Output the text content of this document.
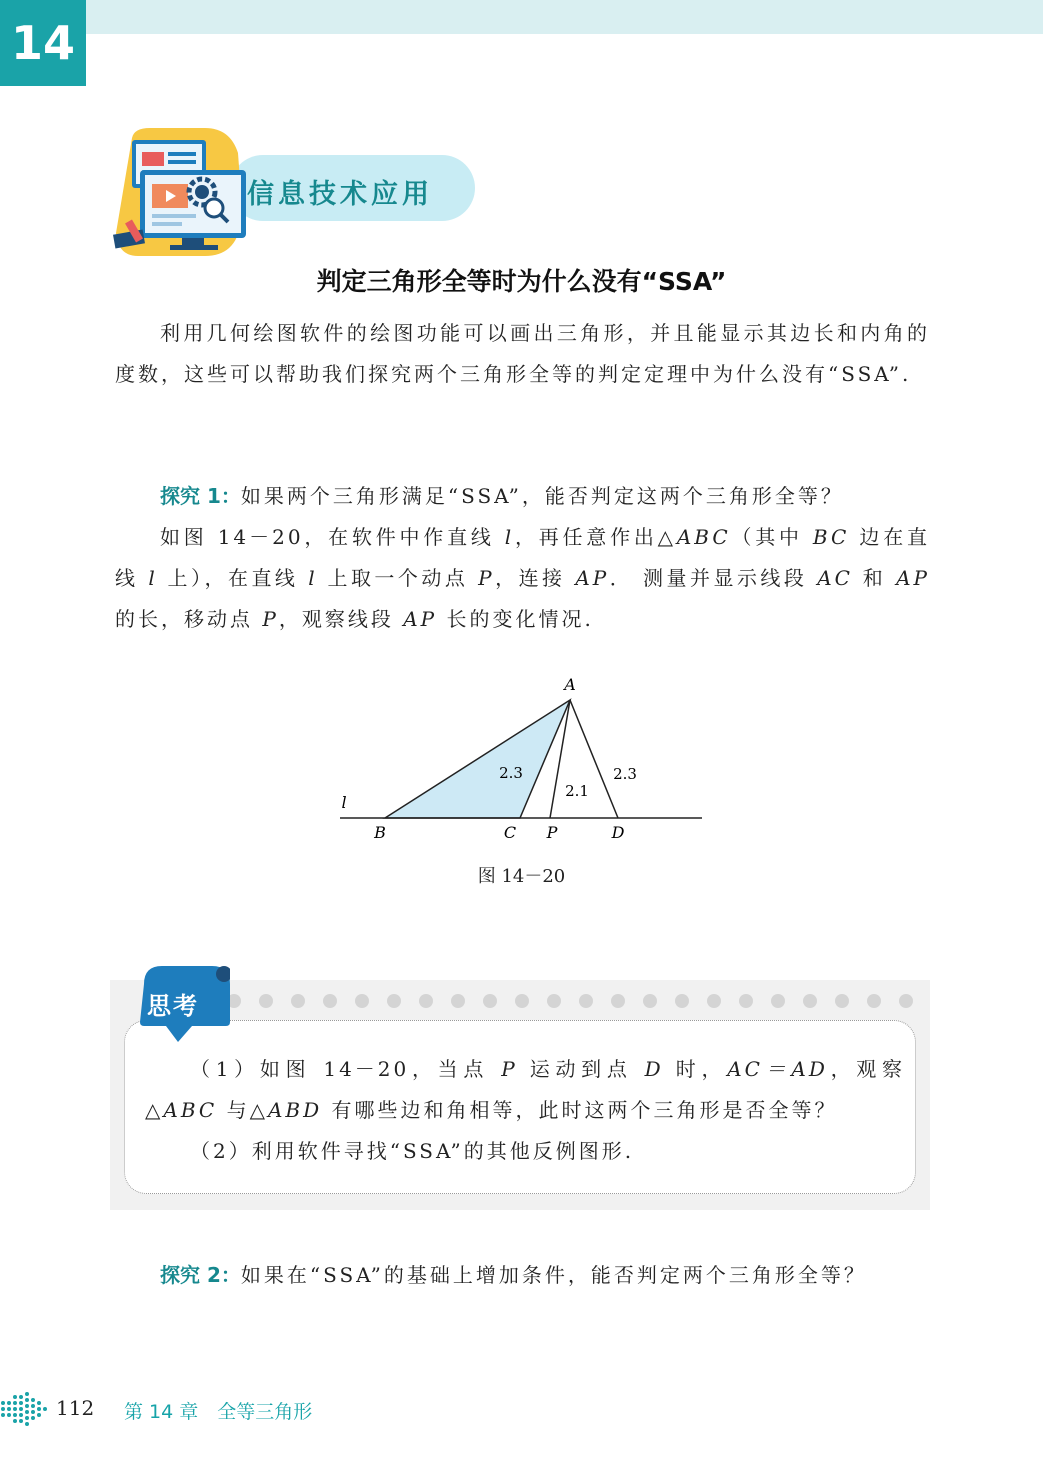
14
信息技术应用
判定三角形全等时为什么没有“SSA”

利用几何绘图软件的绘图功能可以画出三角形，并且能显示其边长和内角的度数，这些可以帮助我们探究两个三角形全等的判定定理中为什么没有“SSA”.

探究 1：如果两个三角形满足“SSA”，能否判定这两个三角形全等？

如图 14－20，在软件中作直线 l，再任意作出△ABC（其中 BC 边在直线 l 上），在直线 l 上取一个动点 P，连接 AP． 测量并显示线段 AC 和 AP 的长，移动点 P，观察线段 AP 长的变化情况.

A
B	C P	D
l
2.3
2.1
2.3
图 14－20
思考

（1）如图 14－20，当点 P 运动到点 D 时，AC＝AD，观察△ABC 与△ABD 有哪些边和角相等，此时这两个三角形是否全等？

（2）利用软件寻找“SSA”的其他反例图形.

探究 2：如果在“SSA”的基础上增加条件，能否判定两个三角形全等？

112 第 14 章　全等三角形
